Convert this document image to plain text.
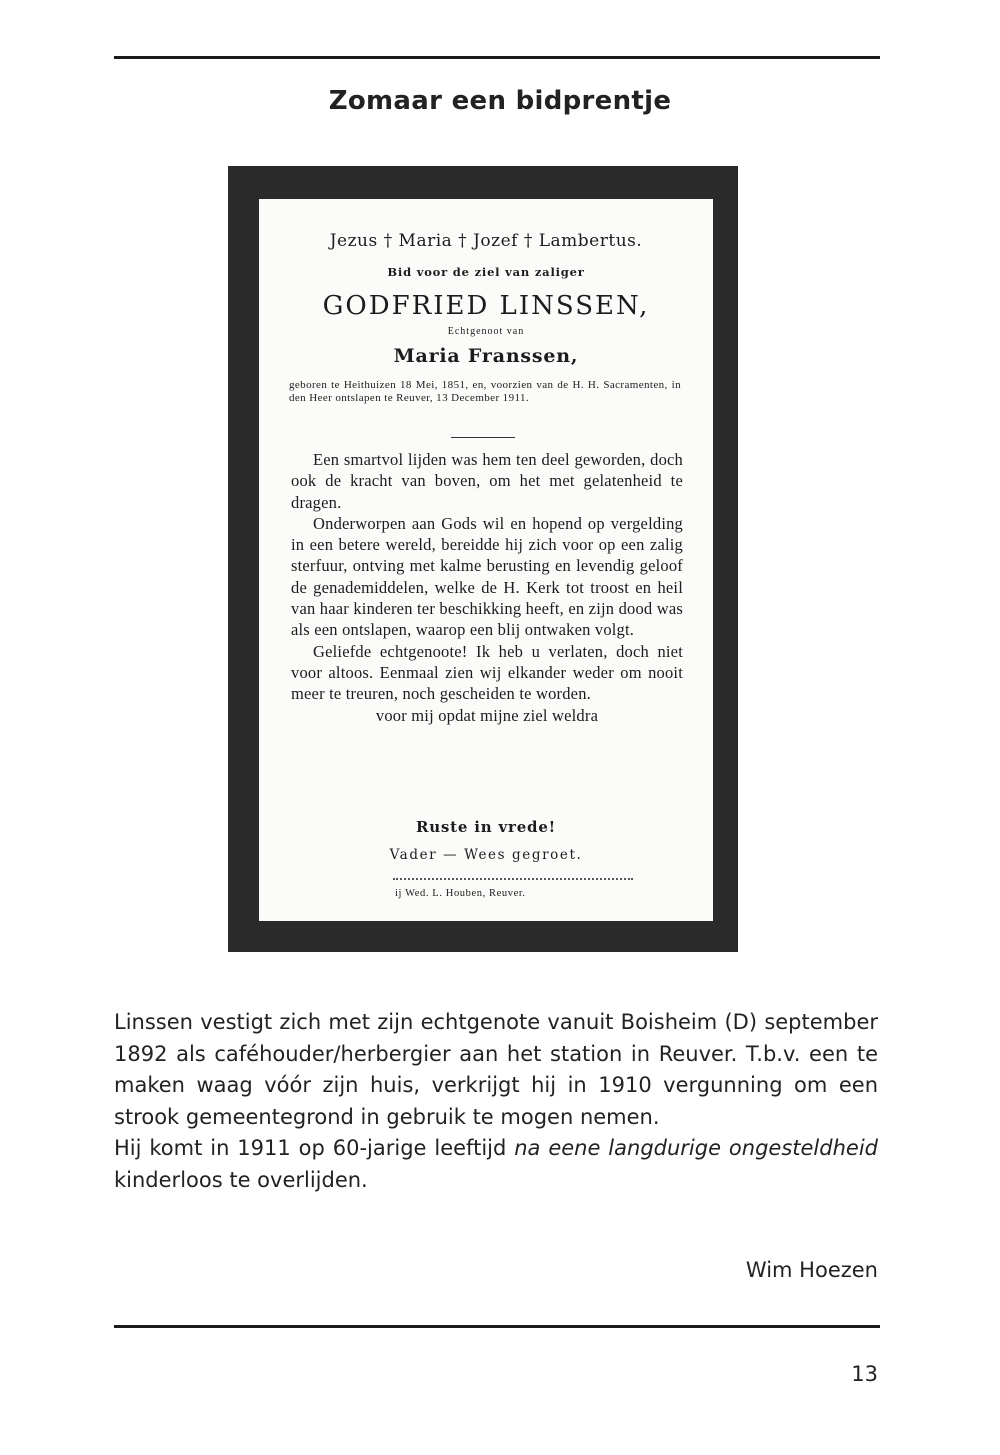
Zomaar een bidprentje
Jezus † Maria † Jozef † Lambertus.
Bid voor de ziel van zaliger
GODFRIED LINSSEN,
Echtgenoot van
Maria Franssen,
geboren te Heithuizen 18 Mei, 1851, en, voorzien van de H. H. Sacramenten, in den Heer ontslapen te Reuver, 13 December 1911.

Een smartvol lijden was hem ten deel geworden, doch ook de kracht van boven, om het met gelatenheid te dragen.

Onderworpen aan Gods wil en hopend op vergelding in een betere wereld, bereidde hij zich voor op een zalig sterfuur, ontving met kalme berusting en levendig geloof de genademiddelen, welke de H. Kerk tot troost en heil van haar kinderen ter beschikking heeft, en zijn dood was als een ontslapen, waarop een blij ontwaken volgt.

Geliefde echtgenoote! Ik heb u verlaten, doch niet voor altoos. Eenmaal zien wij elkander weder om nooit meer te treuren, noch gescheiden te worden.

voor mij opdat mijne ziel weldra

Ruste in vrede!
Vader — Wees gegroet.
ij Wed. L. Houben, Reuver.

Linssen vestigt zich met zijn echtgenote vanuit Boisheim (D) september 1892 als caféhouder/herbergier aan het station in Reuver. T.b.v. een te maken waag vóór zijn huis, verkrijgt hij in 1910 vergunning om een strook gemeentegrond in gebruik te mogen nemen.

Hij komt in 1911 op 60-jarige leeftijd na eene langdurige ongesteldheid kinderloos te overlijden.

Wim Hoezen
13
